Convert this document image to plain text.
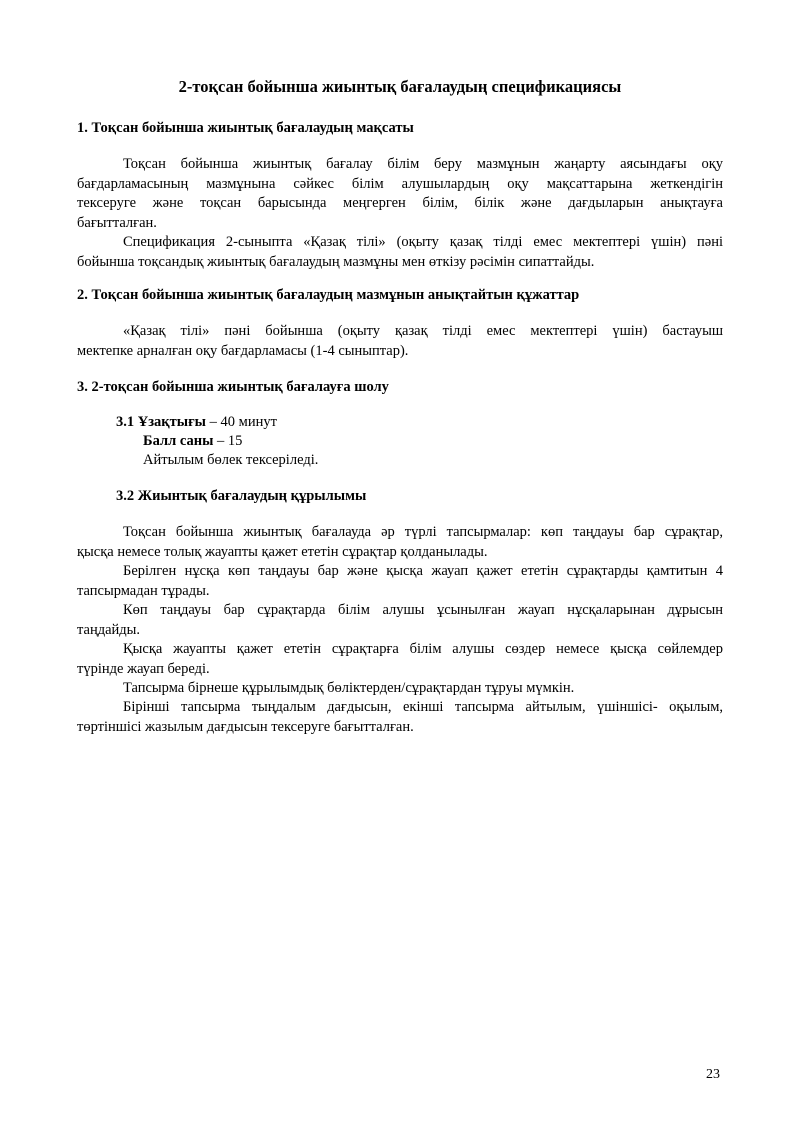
2-тоқсан бойынша жиынтық бағалаудың спецификациясы
1. Тоқсан бойынша жиынтық бағалаудың мақсаты
Тоқсан бойынша жиынтық бағалау білім беру мазмұнын жаңарту аясындағы оқу
бағдарламасының мазмұнына сәйкес білім алушылардың оқу мақсаттарына жеткендігін
тексеруге және тоқсан барысында меңгерген білім, білік және дағдыларын анықтауға
бағытталған.
Спецификация 2-сыныпта «Қазақ тілі» (оқыту қазақ тілді емес мектептері үшін) пәні
бойынша тоқсандық жиынтық бағалаудың мазмұны мен өткізу рәсімін сипаттайды.
2. Тоқсан бойынша жиынтық бағалаудың мазмұнын анықтайтын құжаттар
«Қазақ тілі» пәні бойынша (оқыту қазақ тілді емес мектептері үшін) бастауыш
мектепке арналған оқу бағдарламасы (1-4 сыныптар).
3. 2-тоқсан бойынша жиынтық бағалауға шолу
3.1 Ұзақтығы – 40 минут
Балл саны – 15
Айтылым бөлек тексеріледі.
3.2 Жиынтық бағалаудың құрылымы
Тоқсан бойынша жиынтық бағалауда әр түрлі тапсырмалар: көп таңдауы бар сұрақтар,
қысқа немесе толық жауапты қажет ететін сұрақтар қолданылады.
Берілген нұсқа көп таңдауы бар және қысқа жауап қажет ететін сұрақтарды қамтитын 4
тапсырмадан тұрады.
Көп таңдауы бар сұрақтарда білім алушы ұсынылған жауап нұсқаларынан дұрысын
таңдайды.
Қысқа жауапты қажет ететін сұрақтарға білім алушы сөздер немесе қысқа сөйлемдер
түрінде жауап береді.
Тапсырма бірнеше құрылымдық бөліктерден/сұрақтардан тұруы мүмкін.
Бірінші тапсырма тыңдалым дағдысын, екінші тапсырма айтылым, үшіншісі- оқылым,
төртіншісі жазылым дағдысын тексеруге бағытталған.
23
